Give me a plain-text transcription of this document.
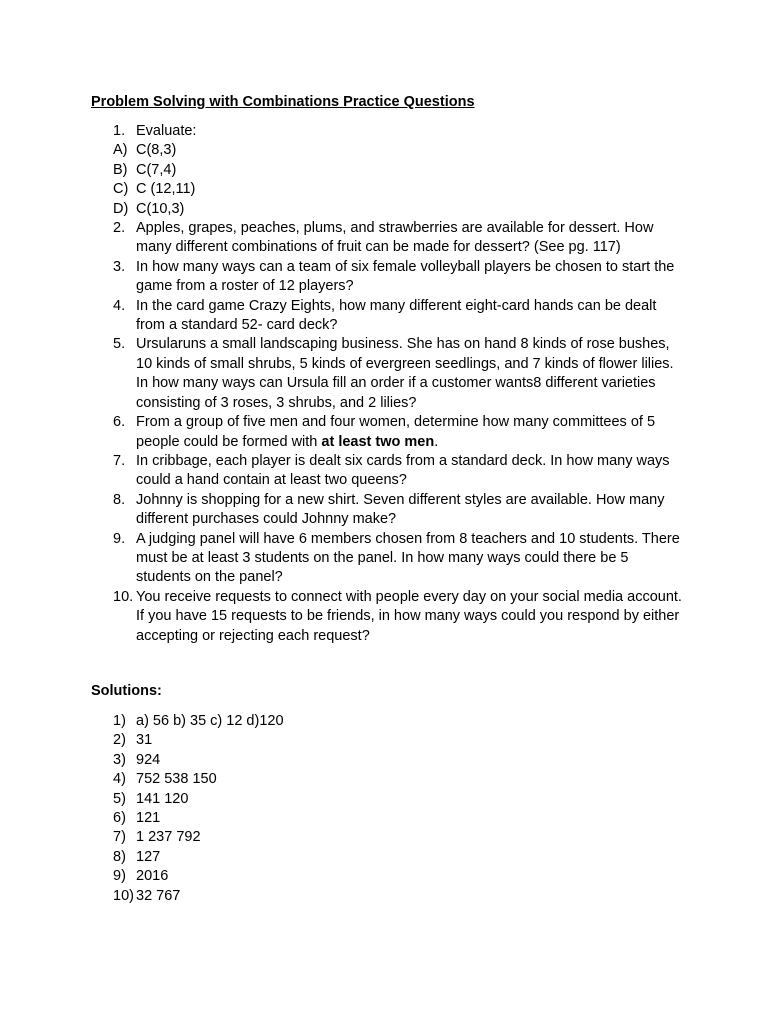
Problem Solving with Combinations Practice Questions
1. Evaluate:
A) C(8,3)
B) C(7,4)
C) C (12,11)
D) C(10,3)
2. Apples, grapes, peaches, plums, and strawberries are available for dessert. How many different combinations of fruit can be made for dessert? (See pg. 117)
3. In how many ways can a team of six female volleyball players be chosen to start the game from a roster of 12 players?
4. In the card game Crazy Eights, how many different eight-card hands can be dealt from a standard 52- card deck?
5. Ursularuns a small landscaping business. She has on hand 8 kinds of rose bushes, 10 kinds of small shrubs, 5 kinds of evergreen seedlings, and 7 kinds of flower lilies. In how many ways can Ursula fill an order if a customer wants8 different varieties consisting of 3 roses, 3 shrubs, and 2 lilies?
6. From a group of five men and four women, determine how many committees of 5 people could be formed with at least two men.
7. In cribbage, each player is dealt six cards from a standard deck. In how many ways could a hand contain at least two queens?
8. Johnny is shopping for a new shirt. Seven different styles are available. How many different purchases could Johnny make?
9. A judging panel will have 6 members chosen from 8 teachers and 10 students. There must be at least 3 students on the panel. In how many ways could there be 5 students on the panel?
10. You receive requests to connect with people every day on your social media account. If you have 15 requests to be friends, in how many ways could you respond by either accepting or rejecting each request?
Solutions:
1) a) 56 b) 35 c) 12 d)120
2) 31
3) 924
4) 752 538 150
5) 141 120
6) 121
7) 1 237 792
8) 127
9) 2016
10) 32 767
